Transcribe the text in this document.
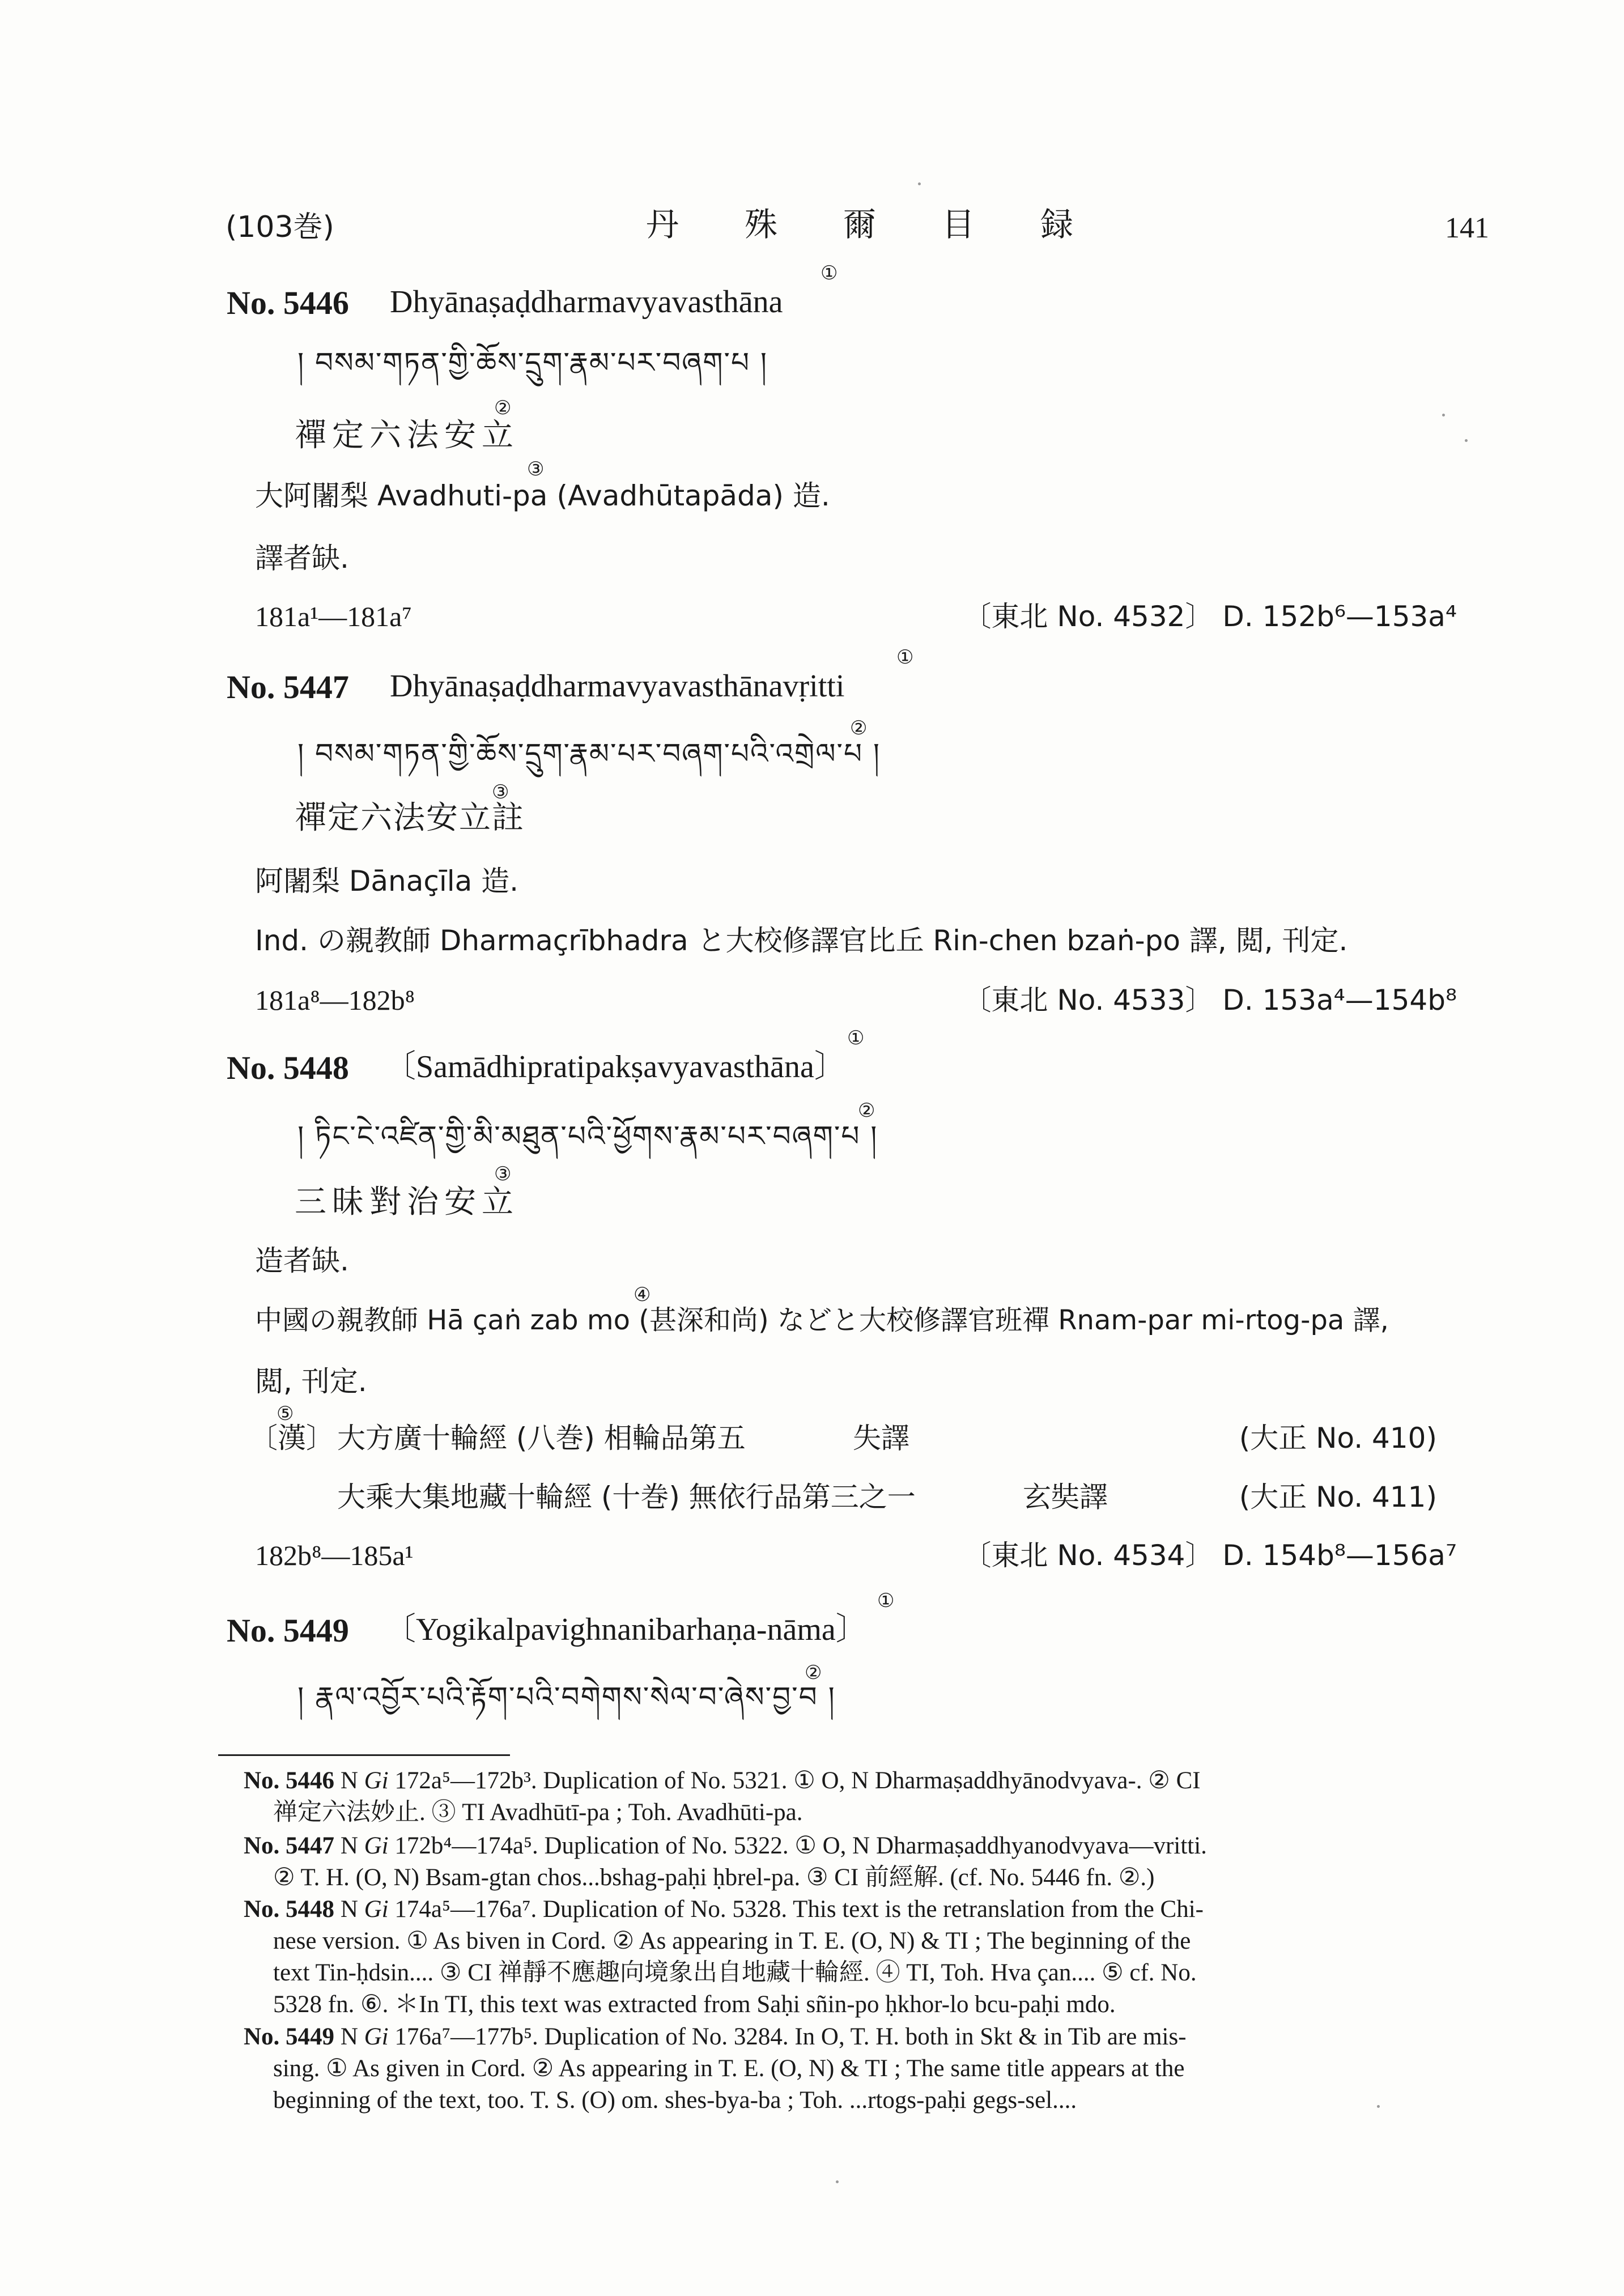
(103巻)	丹　　殊　　爾　　目　　録	141
No. 5446 Dhyānaṣaḍdharmavyavasthāna
①
། བསམ་གཏན་གྱི་ཆོས་དྲུག་རྣམ་པར་བཞག་པ །
②
禪定六法安立
③
大阿闍梨 Avadhuti-pa (Avadhūtapāda) 造.
譯者缺.
181a¹—181a⁷	〔東北 No. 4532〕 D. 152b⁶—153a⁴
No. 5447 Dhyānaṣaḍdharmavyavasthānavṛitti
①
②
། བསམ་གཏན་གྱི་ཆོས་དྲུག་རྣམ་པར་བཞག་པའི་འགྲེལ་པ །
③
禪定六法安立註
阿闍梨 Dānaçīla 造.
Ind. の親教師 Dharmaçrībhadra と大校修譯官比丘 Rin-chen bzaṅ-po 譯, 閲, 刊定.
181a⁸—182b⁸	〔東北 No. 4533〕 D. 153a⁴—154b⁸
No. 5448 〔Samādhipratipakṣavyavasthāna〕
①
②
། ཏིང་ངེ་འཛིན་གྱི་མི་མཐུན་པའི་ཕྱོགས་རྣམ་པར་བཞག་པ །
③
三昧對治安立
造者缺.
④
中國の親教師 Hā çaṅ zab mo (甚深和尚) などと大校修譯官班禪 Rnam-par mi-rtog-pa 譯,
閲, 刊定.
⑤
〔漢〕 大方廣十輪經 (八巻) 相輪品第五	失譯	(大正 No. 410)
大乘大集地藏十輪經 (十巻) 無依行品第三之一	玄奘譯	(大正 No. 411)
182b⁸—185a¹	〔東北 No. 4534〕 D. 154b⁸—156a⁷
No. 5449 〔Yogikalpavighnanibarhaṇa-nāma〕
①
②
། རྣལ་འབྱོར་པའི་རྟོག་པའི་བགེགས་སེལ་བ་ཞེས་བྱ་བ །
No. 5446 N Gi 172a⁵—172b³. Duplication of No. 5321. ① O, N Dharmaṣaddhyānodvyava-. ② CI
禅定六法妙止. ③ TI Avadhūtī-pa ; Toh. Avadhūti-pa.
No. 5447 N Gi 172b⁴—174a⁵. Duplication of No. 5322. ① O, N Dharmaṣaddhyanodvyava—vritti.
② T. H. (O, N) Bsam-gtan chos...bshag-paḥi ḥbrel-pa. ③ CI 前經解. (cf. No. 5446 fn. ②.)
No. 5448 N Gi 174a⁵—176a⁷. Duplication of No. 5328. This text is the retranslation from the Chi-
nese version. ① As biven in Cord. ② As appearing in T. E. (O, N) & TI ; The beginning of the
text Tin-ḥdsin.... ③ CI 禅靜不應趣向境象出自地藏十輪經. ④ TI, Toh. Hva çan.... ⑤ cf. No.
5328 fn. ⑥. ＊In TI, this text was extracted from Saḥi sñin-po ḥkhor-lo bcu-paḥi mdo.
No. 5449 N Gi 176a⁷—177b⁵. Duplication of No. 3284. In O, T. H. both in Skt & in Tib are mis-
sing. ① As given in Cord. ② As appearing in T. E. (O, N) & TI ; The same title appears at the
beginning of the text, too. T. S. (O) om. shes-bya-ba ; Toh. ...rtogs-paḥi gegs-sel....
